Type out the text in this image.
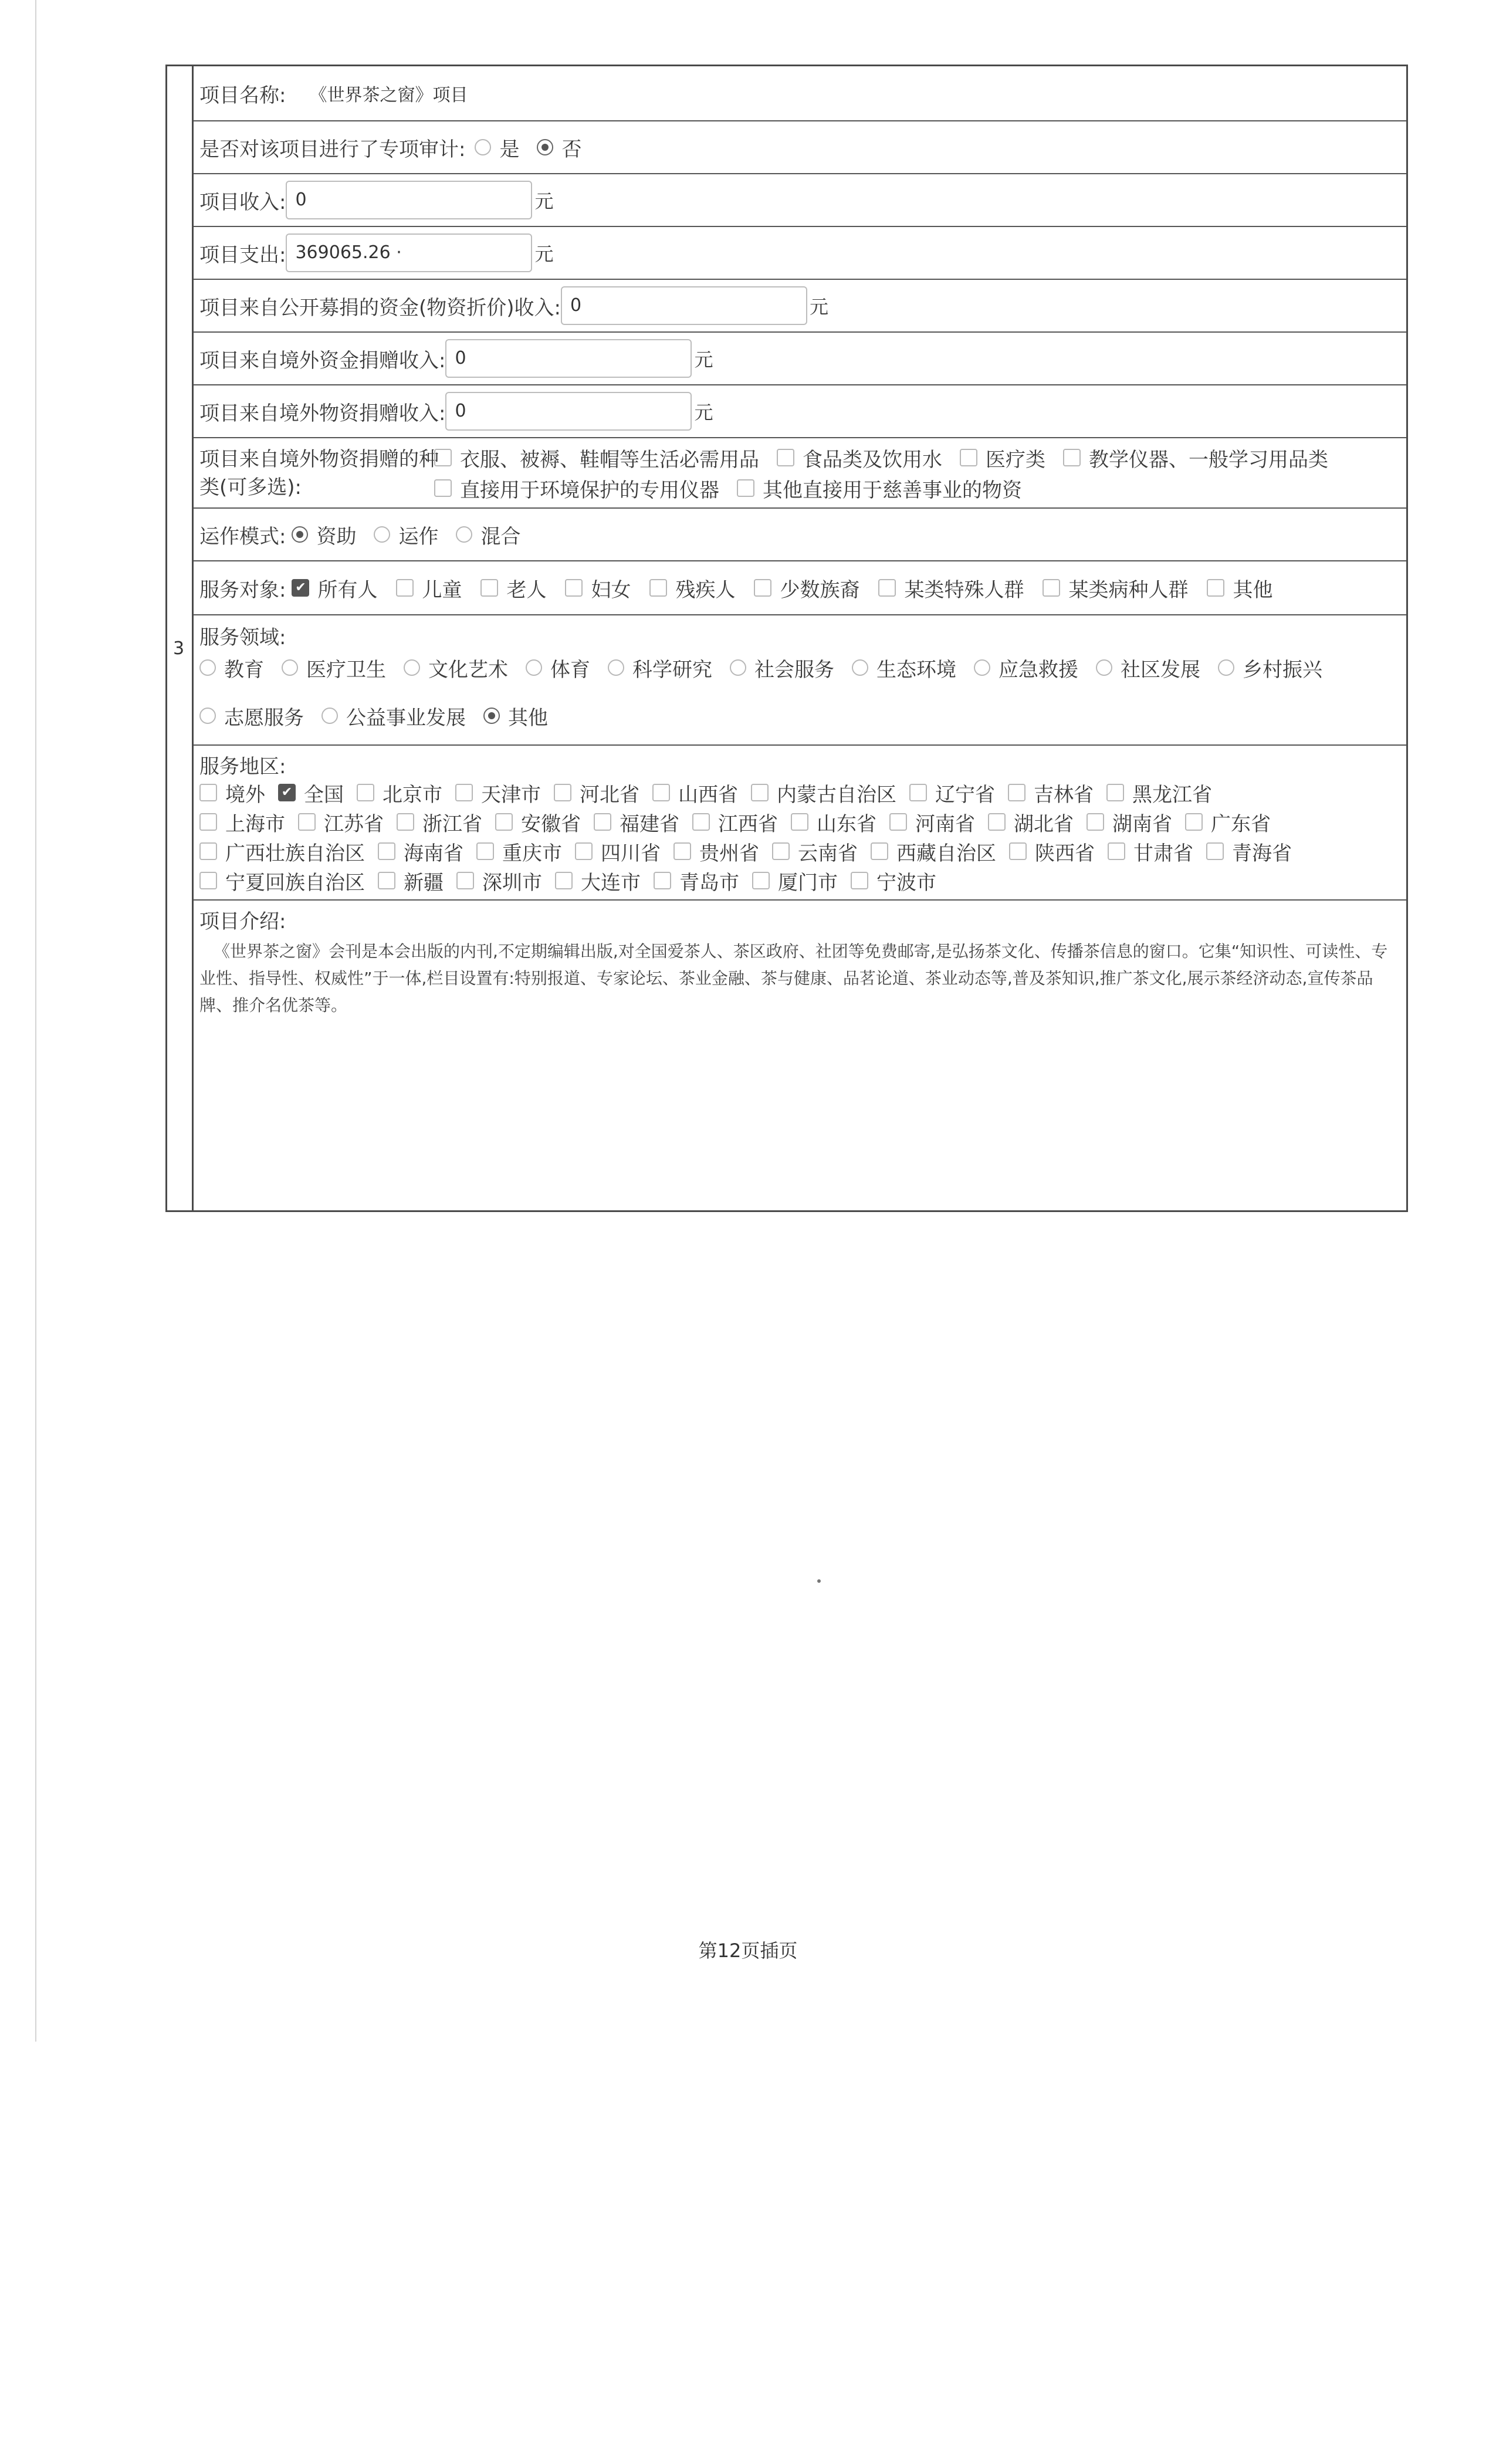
3
项目名称: 《世界茶之窗》项目
是否对该项目进行了专项审计: 是 否
项目收入: 0	元
项目支出: 369065.26 ·	元
项目来自公开募捐的资金(物资折价)收入: 0	元
项目来自境外资金捐赠收入: 0	元
项目来自境外物资捐赠收入: 0	元
项目来自境外物资捐赠的种
类(可多选):
衣服、被褥、鞋帽等生活必需用品 食品类及饮用水 医疗类 教学仪器、一般学习用品类
直接用于环境保护的专用仪器 其他直接用于慈善事业的物资
运作模式: 资助 运作 混合
服务对象: ✔ 所有人 儿童 老人 妇女 残疾人 少数族裔 某类特殊人群 某类病种人群 其他
服务领域:
教育 医疗卫生 文化艺术 体育 科学研究 社会服务 生态环境 应急救援 社区发展 乡村振兴
志愿服务 公益事业发展 其他
服务地区:
境外 ✔ 全国 北京市 天津市 河北省 山西省 内蒙古自治区 辽宁省 吉林省 黑龙江省
上海市 江苏省 浙江省 安徽省 福建省 江西省 山东省 河南省 湖北省 湖南省 广东省
广西壮族自治区 海南省 重庆市 四川省 贵州省 云南省 西藏自治区 陕西省 甘肃省 青海省
宁夏回族自治区 新疆 深圳市 大连市 青岛市 厦门市 宁波市
项目介绍:
《世界茶之窗》会刊是本会出版的内刊,不定期编辑出版,对全国爱茶人、茶区政府、社团等免费邮寄,是弘扬茶文化、传播茶信息的窗口。它集“知识性、可读性、专业性、指导性、权威性”于一体,栏目设置有:特别报道、专家论坛、茶业金融、茶与健康、品茗论道、茶业动态等,普及茶知识,推广茶文化,展示茶经济动态,宣传茶品牌、推介名优茶等。
第12页插页
